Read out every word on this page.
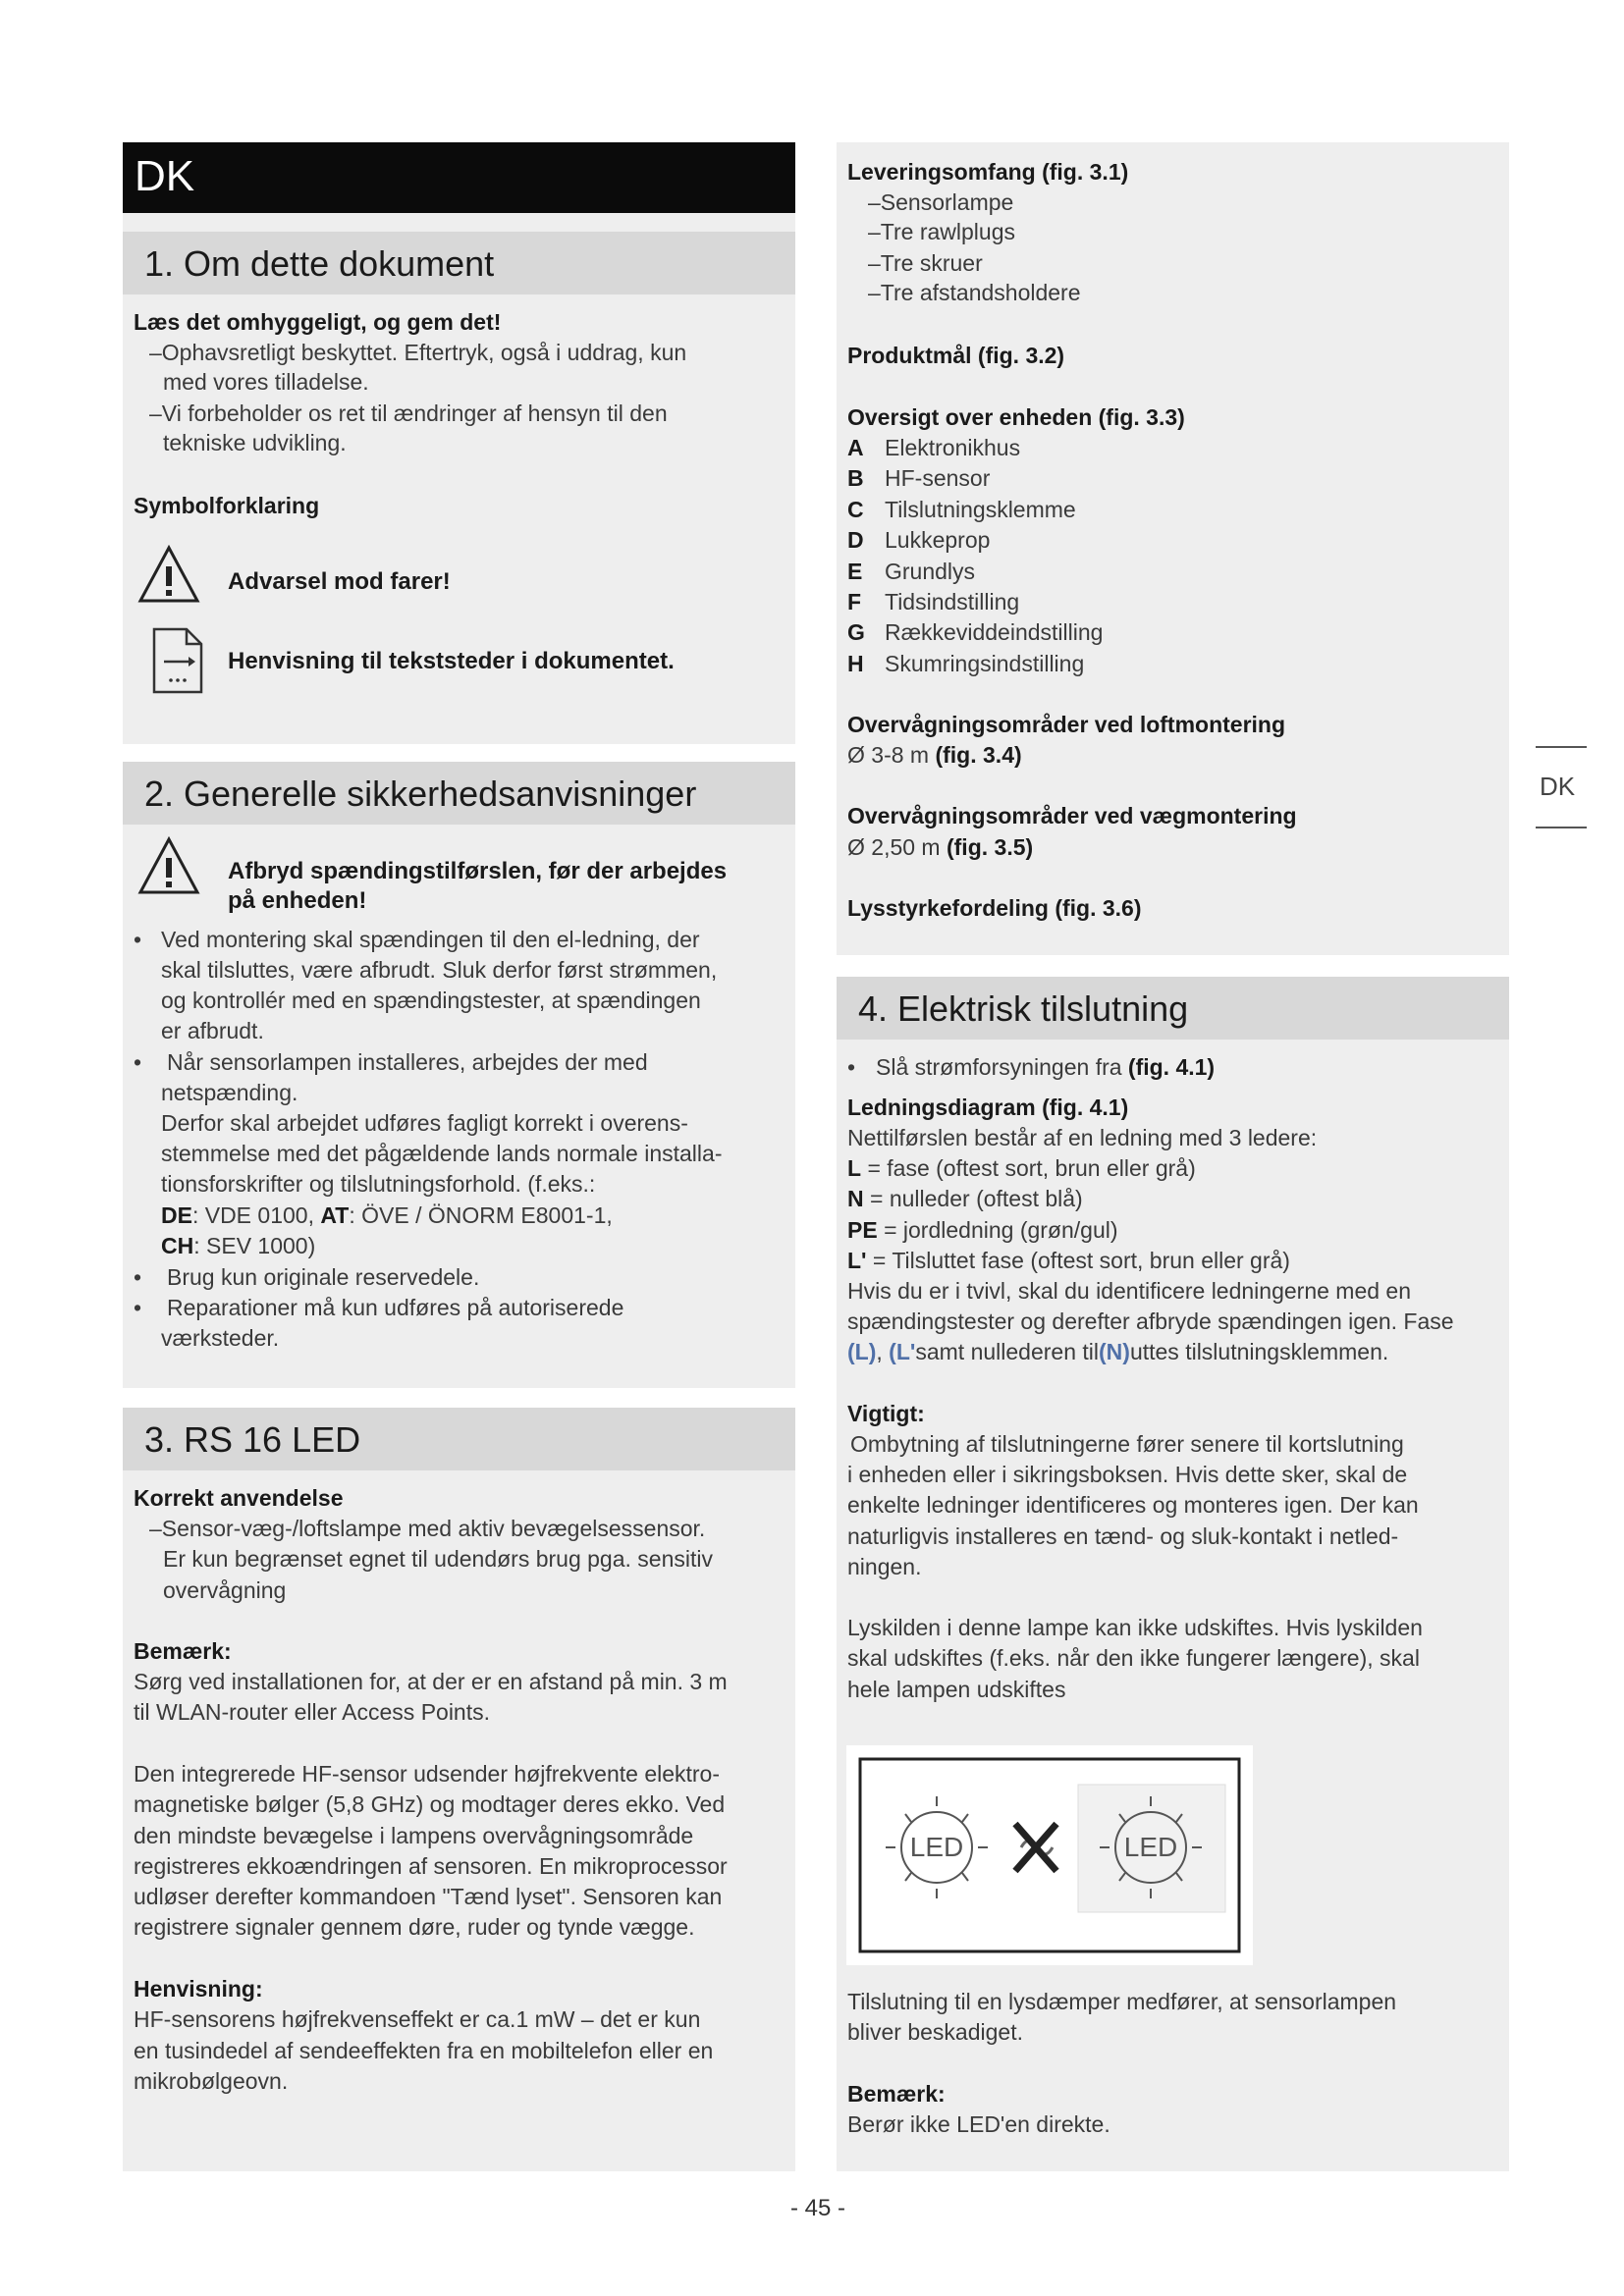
DK
1. Om dette dokument
Læs det omhyggeligt, og gem det!
–Ophavsretligt beskyttet. Eftertryk, også i uddrag, kun
med vores tilladelse.
–Vi forbeholder os ret til ændringer af hensyn til den
tekniske udvikling.
Symbolforklaring
Advarsel mod farer!
Henvisning til tekststeder i dokumentet.
2. Generelle sikkerhedsanvisninger
Afbryd spændingstilførslen, før der arbejdes
på enheden!
• Ved montering skal spændingen til den el-ledning, der
skal tilsluttes, være afbrudt. Sluk derfor først strømmen,
og kontrollér med en spændingstester, at spændingen
er afbrudt.
• Når sensorlampen installeres, arbejdes der med
netspænding.
Derfor skal arbejdet udføres fagligt korrekt i overens-
stemmelse med det pågældende lands normale installa-
tionsforskrifter og tilslutningsforhold. (f.eks.:
DE: VDE 0100, AT: ÖVE / ÖNORM E8001-1,
CH: SEV 1000)
• Brug kun originale reservedele.
• Reparationer må kun udføres på autoriserede
værksteder.
3. RS 16 LED
Korrekt anvendelse
–Sensor-væg-/loftslampe med aktiv bevægelsessensor.
Er kun begrænset egnet til udendørs brug pga. sensitiv
overvågning
Bemærk:
Sørg ved installationen for, at der er en afstand på min. 3 m
til WLAN-router eller Access Points.
Den integrerede HF-sensor udsender højfrekvente elektro-
magnetiske bølger (5,8 GHz) og modtager deres ekko. Ved
den mindste bevægelse i lampens overvågningsområde
registreres ekkoændringen af sensoren. En mikroprocessor
udløser derefter kommandoen "Tænd lyset". Sensoren kan
registrere signaler gennem døre, ruder og tynde vægge.
Henvisning:
HF-sensorens højfrekvenseffekt er ca.1 mW – det er kun
en tusindedel af sendeeffekten fra en mobiltelefon eller en
mikrobølgeovn.
Leveringsomfang (fig. 3.1)
–Sensorlampe
–Tre rawlplugs
–Tre skruer
–Tre afstandsholdere
Produktmål (fig. 3.2)
Oversigt over enheden (fig. 3.3)
A Elektronikhus
B HF-sensor
C Tilslutningsklemme
D Lukkeprop
E Grundlys
F Tidsindstilling
G Rækkeviddeindstilling
H Skumringsindstilling
Overvågningsområder ved loftmontering
Ø 3-8 m (fig. 3.4)
Overvågningsområder ved vægmontering
Ø 2,50 m (fig. 3.5)
Lysstyrkefordeling (fig. 3.6)
4. Elektrisk tilslutning
• Slå strømforsyningen fra (fig. 4.1)
Ledningsdiagram (fig. 4.1)
Nettilførslen består af en ledning med 3 ledere:
L = fase (oftest sort, brun eller grå)
N = nulleder (oftest blå)
PE = jordledning (grøn/gul)
L' = Tilsluttet fase (oftest sort, brun eller grå)
Hvis du er i tvivl, skal du identificere ledningerne med en
spændingstester og derefter afbryde spændingen igen. Fase
(L), (L'samt nullederen til(N)uttes tilslutningsklemmen.
Vigtigt:
Ombytning af tilslutningerne fører senere til kortslutning
i enheden eller i sikringsboksen. Hvis dette sker, skal de
enkelte ledninger identificeres og monteres igen. Der kan
naturligvis installeres en tænd- og sluk-kontakt i netled-
ningen.
Lyskilden i denne lampe kan ikke udskiftes. Hvis lyskilden
skal udskiftes (f.eks. når den ikke fungerer længere), skal
hele lampen udskiftes
LED	LED
Tilslutning til en lysdæmper medfører, at sensorlampen
bliver beskadiget.
Bemærk:
Berør ikke LED'en direkte.
DK
- 45 -
